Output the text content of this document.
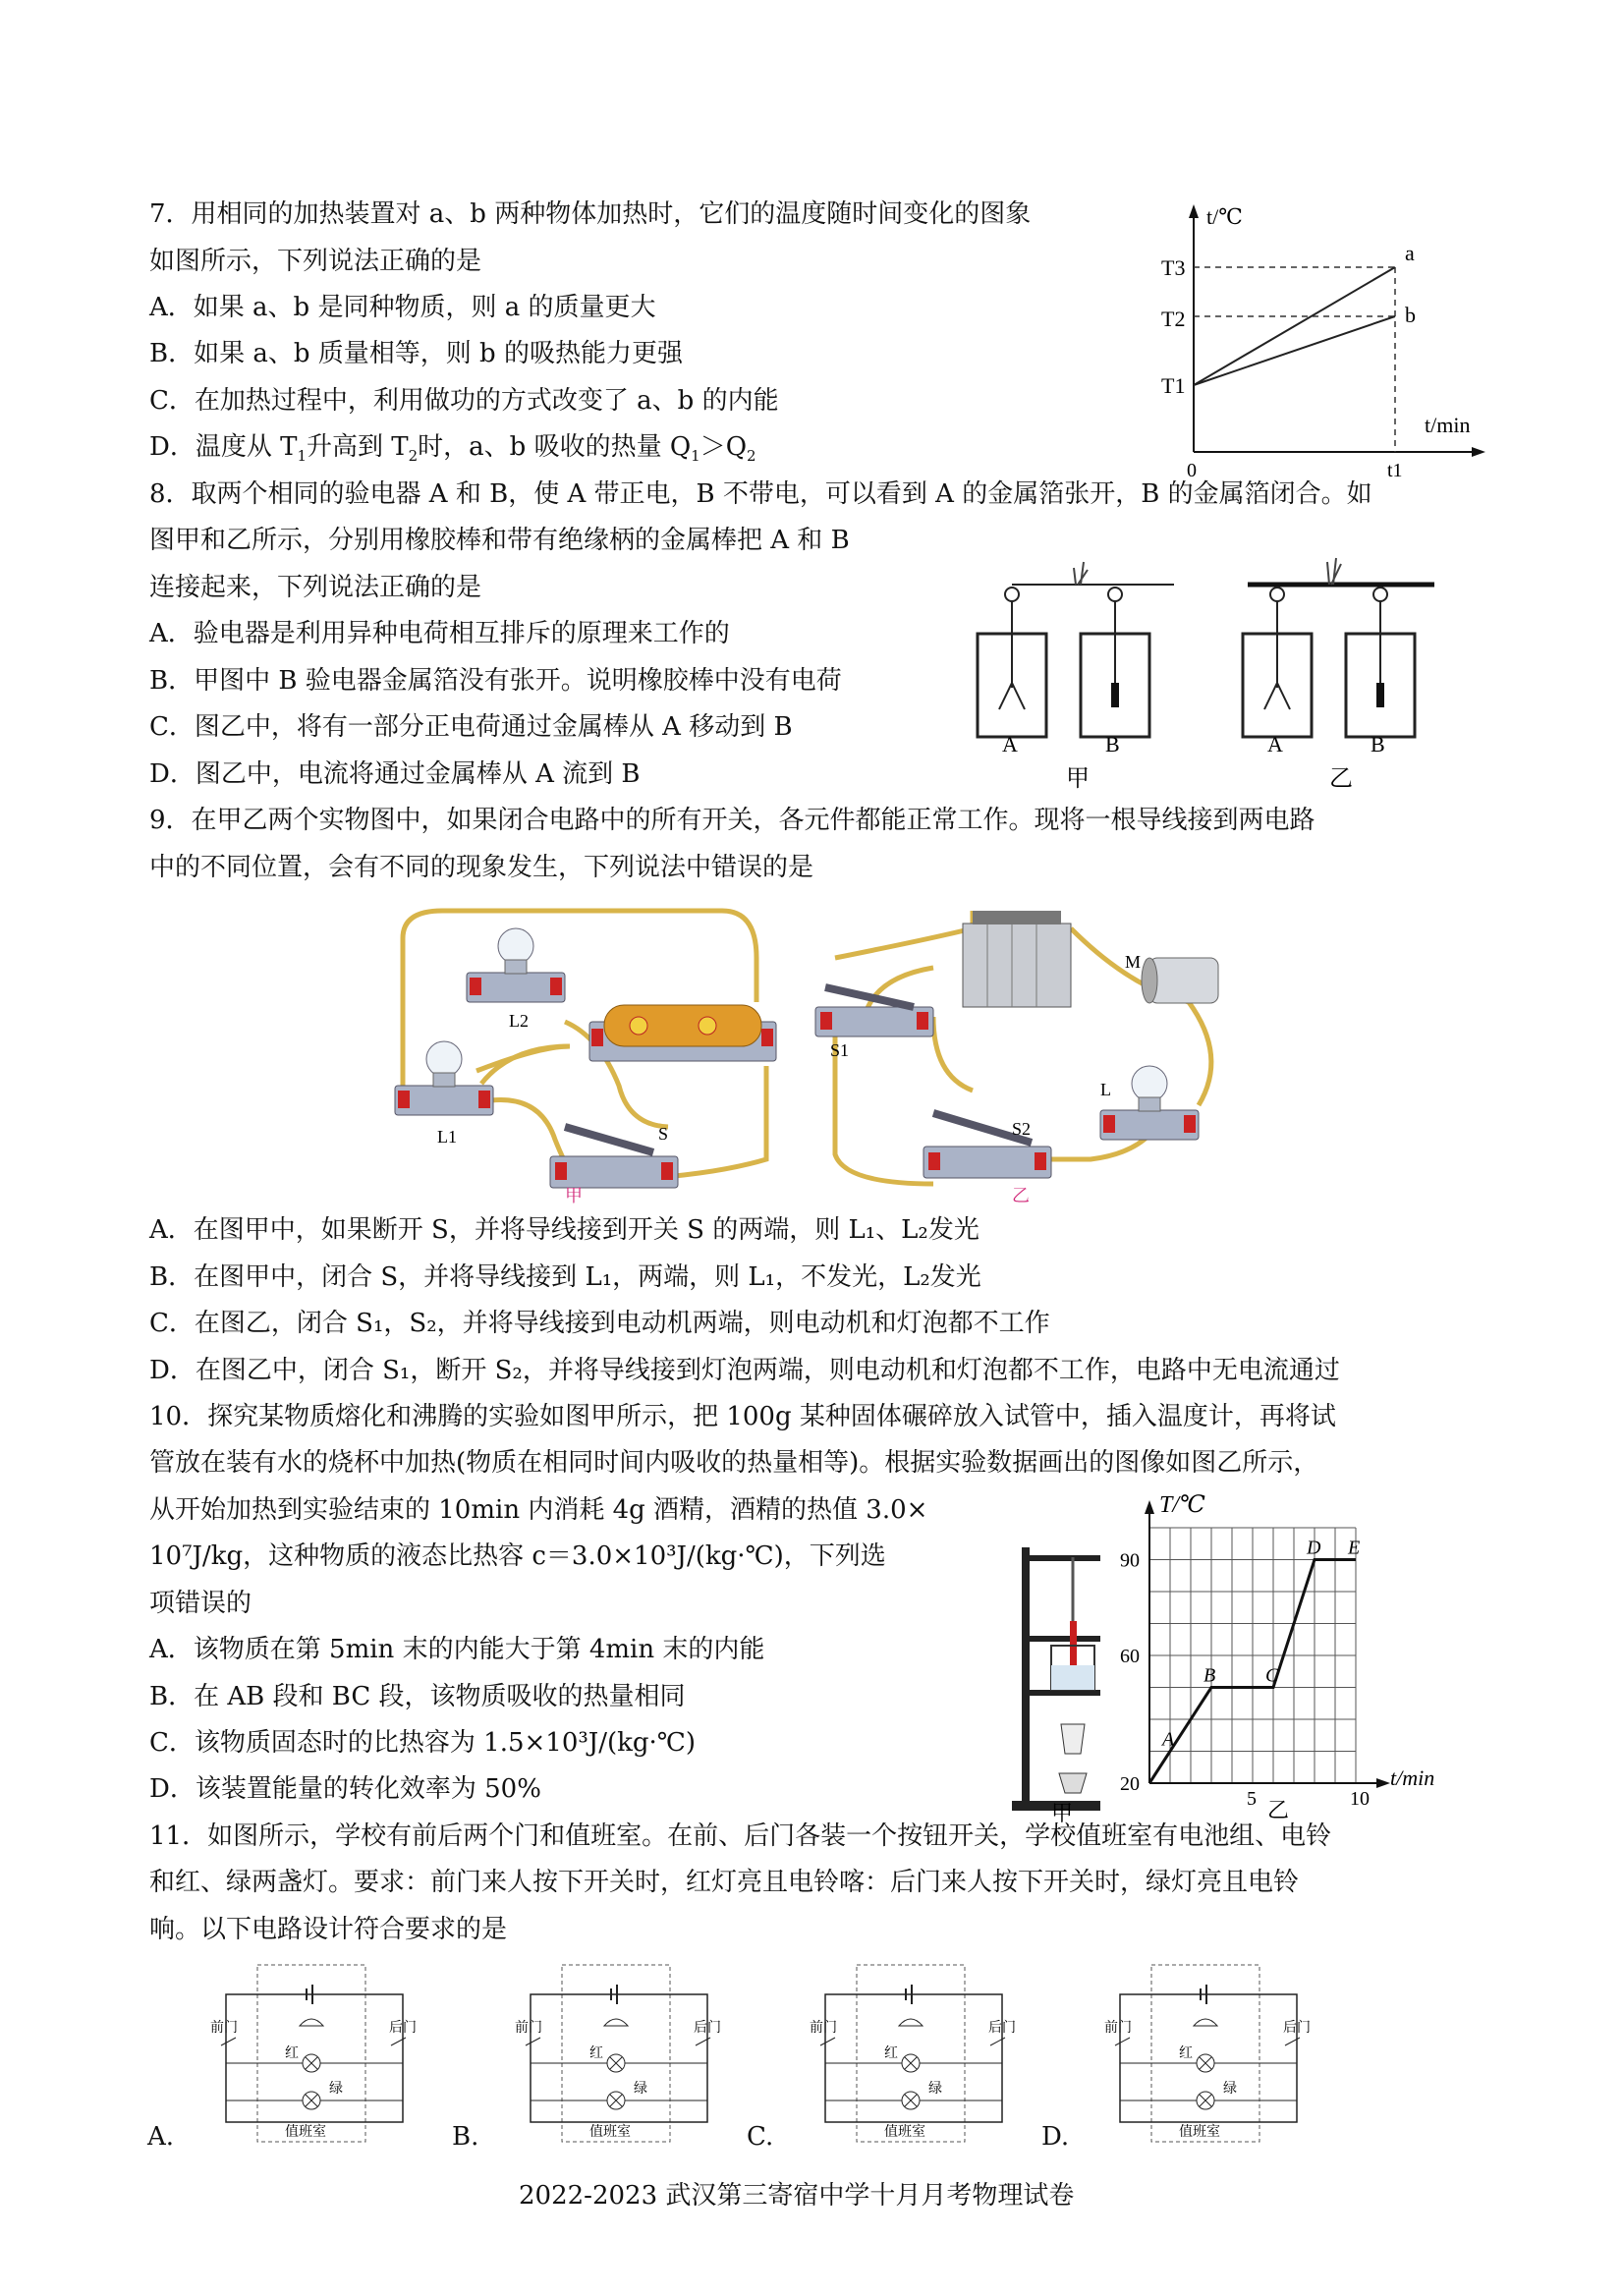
7．用相同的加热装置对 a、b 两种物体加热时，它们的温度随时间变化的图象
如图所示，下列说法正确的是
A．如果 a、b 是同种物质，则 a 的质量更大
B．如果 a、b 质量相等，则 b 的吸热能力更强
C．在加热过程中，利用做功的方式改变了 a、b 的内能
D．温度从 $T_1$升高到 $T_2$时，a、b 吸收的热量 $Q_1>Q_2$
t/℃
t/min
0
T3
T2
T1
t1
a
b
8．取两个相同的验电器 A 和 B，使 A 带正电，B 不带电，可以看到 A 的金属箔张开，B 的金属箔闭合。如
图甲和乙所示，分别用橡胶棒和带有绝缘柄的金属棒把 A 和 B
连接起来，下列说法正确的是
A．验电器是利用异种电荷相互排斥的原理来工作的
B．甲图中 B 验电器金属箔没有张开。说明橡胶棒中没有电荷
C．图乙中，将有一部分正电荷通过金属棒从 A 移动到 B
D．图乙中，电流将通过金属棒从 A 流到 B
A	B
甲
A	B
乙
9．在甲乙两个实物图中，如果闭合电路中的所有开关，各元件都能正常工作。现将一根导线接到两电路
中的不同位置，会有不同的现象发生，下列说法中错误的是
L2
L1	S
甲
M
S1
S2
L
乙
A．在图甲中，如果断开 S，并将导线接到开关 S 的两端，则 L₁、L₂发光
B．在图甲中，闭合 S，并将导线接到 L₁，两端，则 L₁，不发光，L₂发光
C．在图乙，闭合 S₁，S₂，并将导线接到电动机两端，则电动机和灯泡都不工作
D．在图乙中，闭合 S₁，断开 S₂，并将导线接到灯泡两端，则电动机和灯泡都不工作，电路中无电流通过
10．探究某物质熔化和沸腾的实验如图甲所示，把 100g 某种固体碾碎放入试管中，插入温度计，再将试
管放在装有水的烧杯中加热(物质在相同时间内吸收的热量相等)。根据实验数据画出的图像如图乙所示，
从开始加热到实验结束的 10min 内消耗 4g 酒精，酒精的热值 3.0×
10⁷J/kg，这种物质的液态比热容 c＝3.0×10³J/(kg·℃)，下列选
项错误的
A．该物质在第 5min 末的内能大于第 4min 末的内能
B．在 AB 段和 BC 段，该物质吸收的热量相同
C．该物质固态时的比热容为 1.5×10³J/(kg·℃)
D．该装置能量的转化效率为 50%
甲
T/℃
t/min
A
B	C
D E
20
60
90
5	10
乙
11．如图所示，学校有前后两个门和值班室。在前、后门各装一个按钮开关，学校值班室有电池组、电铃
和红、绿两盏灯。要求：前门来人按下开关时，红灯亮且电铃喀：后门来人按下开关时，绿灯亮且电铃
响。以下电路设计符合要求的是
A.
前门	后门
红
绿
值班室	B.
前门	后门
红
绿
值班室	C.
前门	后门
红
绿
值班室	D.
前门	后门
红
绿
值班室
2022-2023 武汉第三寄宿中学十月月考物理试卷
